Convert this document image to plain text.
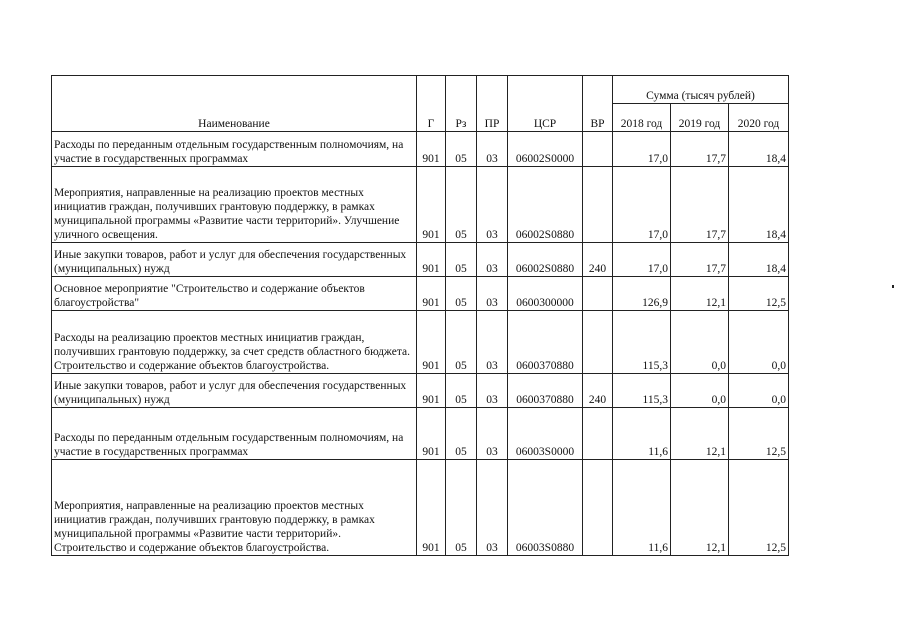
Наименование	Г	Рз	ПР	ЦСР	ВР	Сумма (тысяч рублей)		
						2018 год	2019 год	2020 год
Расходы по переданным отдельным государственным полномочиям, на участие в государственных программах	901	05	03	06002S0000		17,0	17,7	18,4
Мероприятия, направленные на реализацию проектов местных инициатив граждан, получивших грантовую поддержку, в рамках муниципальной программы «Развитие части территорий». Улучшение уличного освещения.	901	05	03	06002S0880		17,0	17,7	18,4
Иные закупки товаров, работ и услуг для обеспечения государственных (муниципальных) нужд	901	05	03	06002S0880	240	17,0	17,7	18,4
Основное мероприятие "Строительство и содержание объектов благоустройства"	901	05	03	0600300000		126,9	12,1	12,5
Расходы на реализацию проектов местных инициатив граждан, получивших грантовую поддержку, за счет средств областного бюджета. Строительство и содержание объектов благоустройства.	901	05	03	0600370880		115,3	0,0	0,0
Иные закупки товаров, работ и услуг для обеспечения государственных (муниципальных) нужд	901	05	03	0600370880	240	115,3	0,0	0,0
Расходы по переданным отдельным государственным полномочиям, на участие в государственных программах	901	05	03	06003S0000		11,6	12,1	12,5
Мероприятия, направленные на реализацию проектов местных инициатив граждан, получивших грантовую поддержку, в рамках муниципальной программы «Развитие части территорий». Строительство и содержание объектов благоустройства.	901	05	03	06003S0880		11,6	12,1	12,5
